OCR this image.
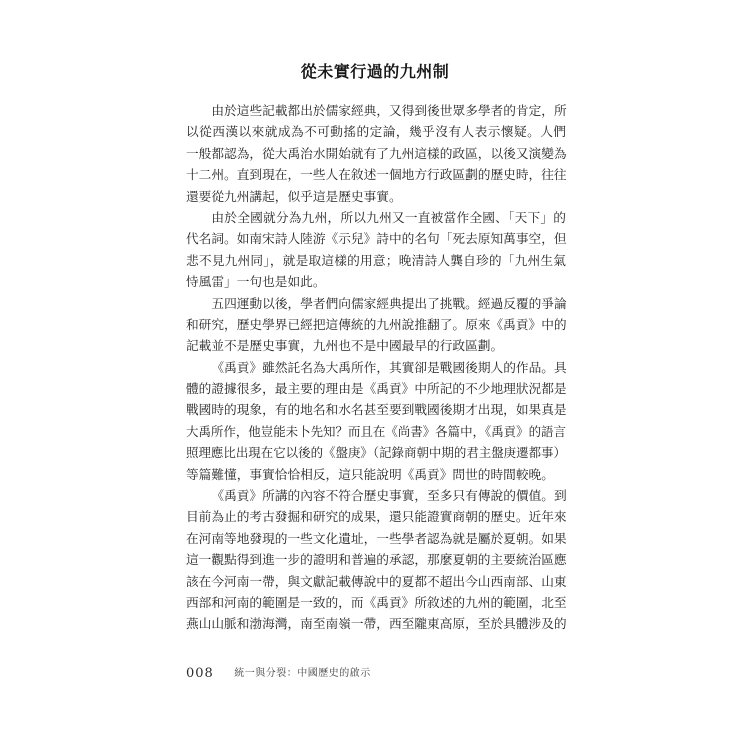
從未實行過的九州制
由於這些記載都出於儒家經典，又得到後世眾多學者的肯定，所
以從西漢以來就成為不可動搖的定論，幾乎沒有人表示懷疑。人們
一般都認為，從大禹治水開始就有了九州這樣的政區，以後又演變為
十二州。直到現在，一些人在敘述一個地方行政區劃的歷史時，往往
還要從九州講起，似乎這是歷史事實。
由於全國就分為九州，所以九州又一直被當作全國、「天下」的
代名詞。如南宋詩人陸游《示兒》詩中的名句「死去原知萬事空，但
悲不見九州同」，就是取這樣的用意；晚清詩人龔自珍的「九州生氣
恃風雷」一句也是如此。
五四運動以後，學者們向儒家經典提出了挑戰。經過反覆的爭論
和研究，歷史學界已經把這傳統的九州說推翻了。原來《禹貢》中的
記載並不是歷史事實，九州也不是中國最早的行政區劃。
《禹貢》雖然託名為大禹所作，其實卻是戰國後期人的作品。具
體的證據很多，最主要的理由是《禹貢》中所記的不少地理狀況都是
戰國時的現象，有的地名和水名甚至要到戰國後期才出現，如果真是
大禹所作，他豈能未卜先知？而且在《尚書》各篇中，《禹貢》的語言
照理應比出現在它以後的《盤庚》（記錄商朝中期的君主盤庚遷都事）
等篇難懂，事實恰恰相反，這只能說明《禹貢》問世的時間較晚。
《禹貢》所講的內容不符合歷史事實，至多只有傳說的價值。到
目前為止的考古發掘和研究的成果，還只能證實商朝的歷史。近年來
在河南等地發現的一些文化遺址，一些學者認為就是屬於夏朝。如果
這一觀點得到進一步的證明和普遍的承認，那麼夏朝的主要統治區應
該在今河南一帶，與文獻記載傳說中的夏都不超出今山西南部、山東
西部和河南的範圍是一致的，而《禹貢》所敘述的九州的範圍，北至
燕山山脈和渤海灣，南至南嶺一帶，西至隴東高原，至於具體涉及的
008 統一與分裂：中國歷史的啟示
